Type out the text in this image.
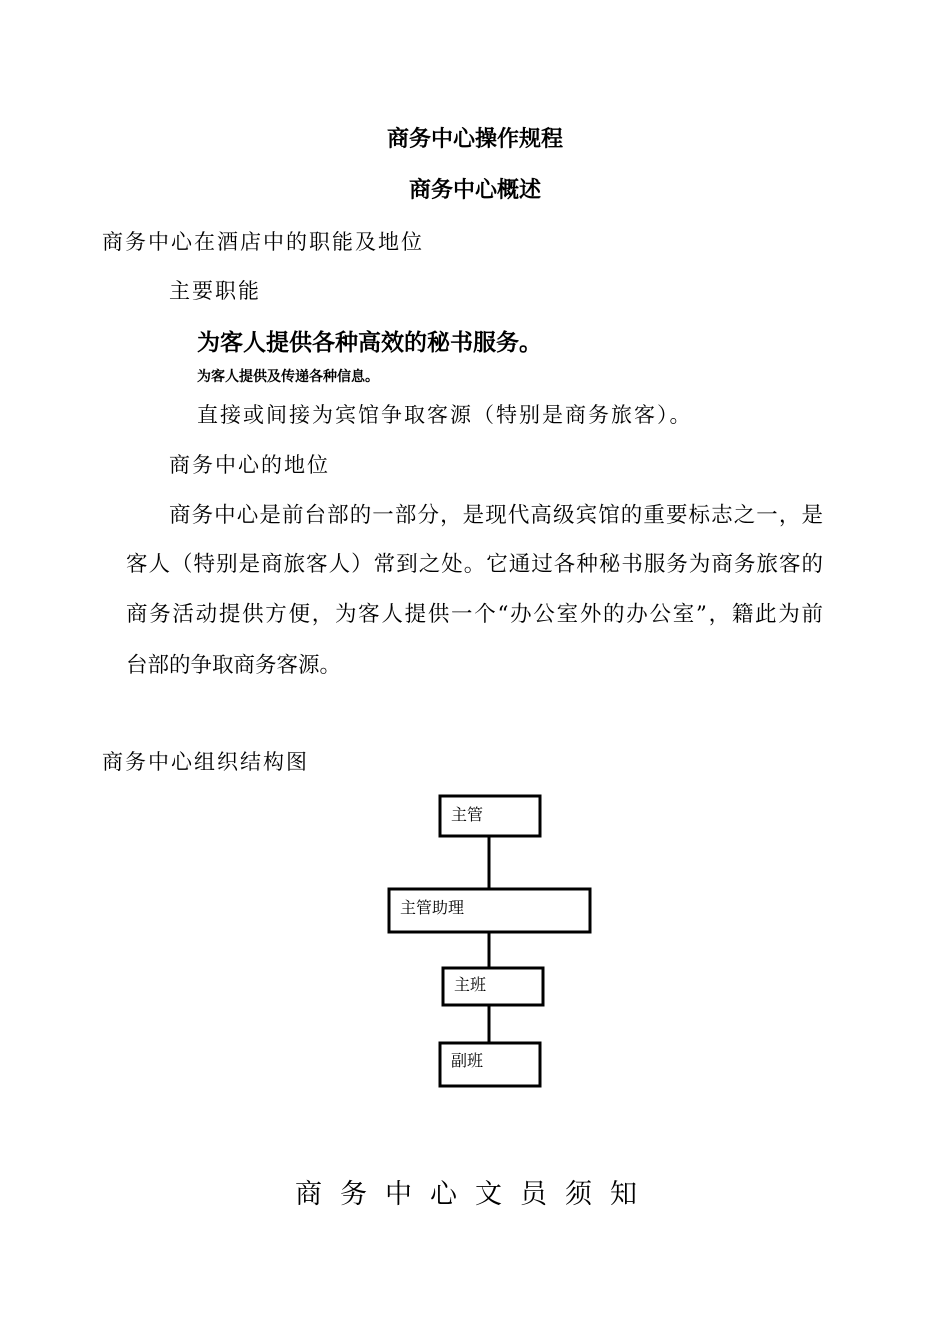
商务中心操作规程
商务中心概述
商务中心在酒店中的职能及地位
主要职能
为客人提供各种高效的秘书服务。
为客人提供及传递各种信息。
直接或间接为宾馆争取客源（特别是商务旅客）。
商务中心的地位
商务中心是前台部的一部分，是现代高级宾馆的重要标志之一，是
客人（特别是商旅客人）常到之处。它通过各种秘书服务为商务旅客的
商务活动提供方便，为客人提供一个“办公室外的办公室”，籍此为前
台部的争取商务客源。
商务中心组织结构图
主管
主管助理
主班
副班
商务中心文员须知
